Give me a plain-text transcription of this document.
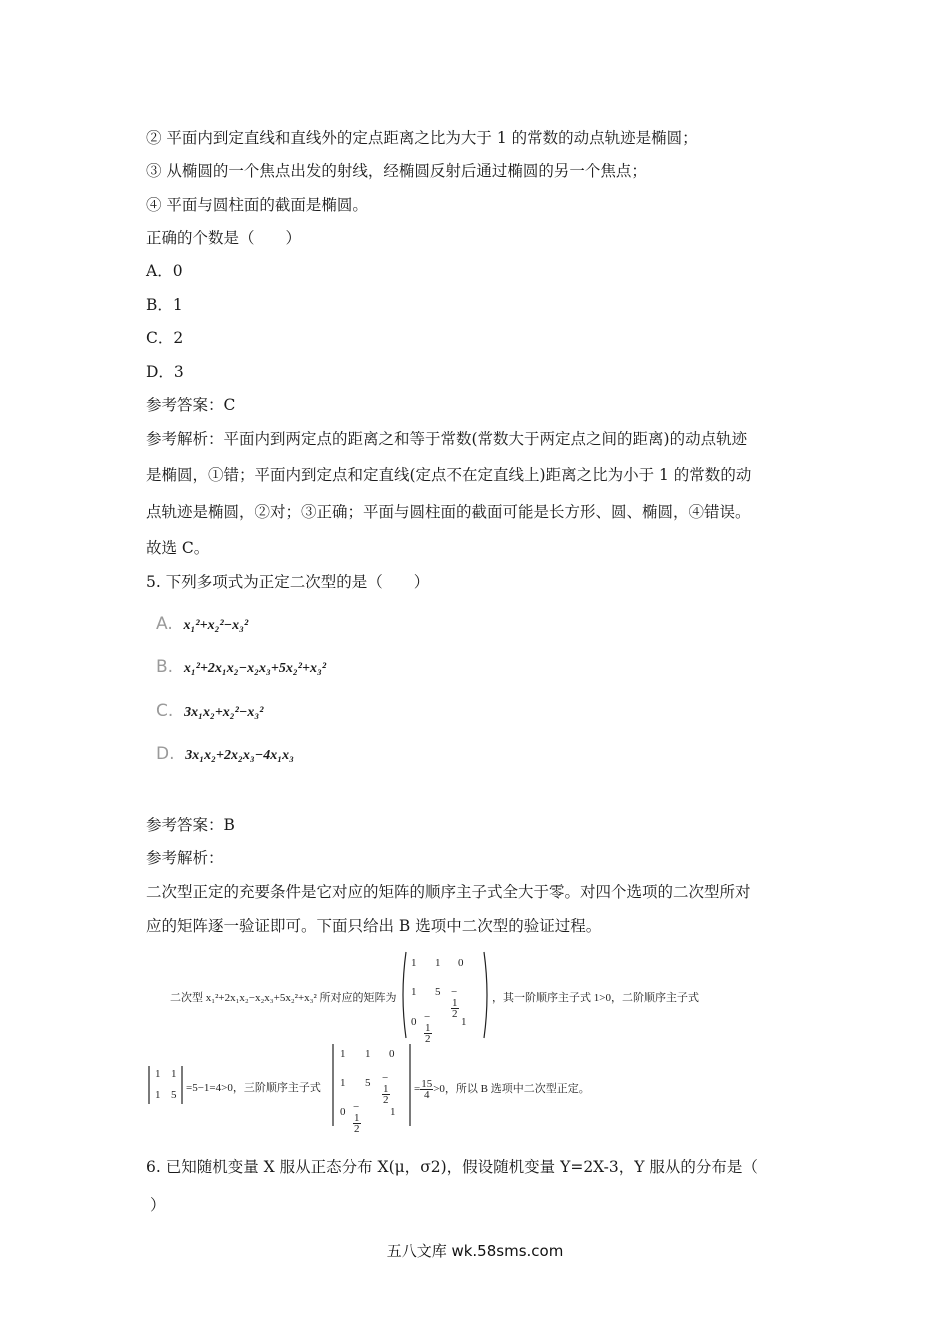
② 平面内到定直线和直线外的定点距离之比为大于 1 的常数的动点轨迹是椭圆；
③ 从椭圆的一个焦点出发的射线，经椭圆反射后通过椭圆的另一个焦点；
④ 平面与圆柱面的截面是椭圆。
正确的个数是（　　）
A．0
B．1
C．2
D．3
参考答案：C
参考解析：平面内到两定点的距离之和等于常数(常数大于两定点之间的距离)的动点轨迹
是椭圆，①错；平面内到定点和定直线(定点不在定直线上)距离之比为小于 1 的常数的动
点轨迹是椭圆，②对；③正确；平面与圆柱面的截面可能是长方形、圆、椭圆，④错误。
故选 C。
5. 下列多项式为正定二次型的是（　　）
A. x₁²+x₂²−x₃²
B. x₁²+2x₁x₂−x₂x₃+5x₂²+x₃²
C. 3x₁x₂+x₂²−x₃²
D. 3x₁x₂+2x₂x₃−4x₁x₃
参考答案：B
参考解析：
二次型正定的充要条件是它对应的矩阵的顺序主子式全大于零。对四个选项的二次型所对
应的矩阵逐一验证即可。下面只给出 B 选项中二次型的验证过程。
二次型 x₁²+2x₁x₂−x₂x₃+5x₂²+x₃² 所对应的矩阵为
1 1 0
1 5 −
$\frac{1}{2}$
0 −
$\frac{1}{2}$
1
，其一阶顺序主子式 1>0，二阶顺序主子式
1 1
1 5
=5−1=4>0，三阶顺序主子式
1 1 0
1 5 −
$\frac{1}{2}$
0 −
$\frac{1}{2}$
1
= $\frac{15}{4} >0$，所以 B 选项中二次型正定。
6. 已知随机变量 X 服从正态分布 X(μ，σ2)，假设随机变量 Y=2X-3，Y 服从的分布是（
）
五八文库 wk.58sms.com
